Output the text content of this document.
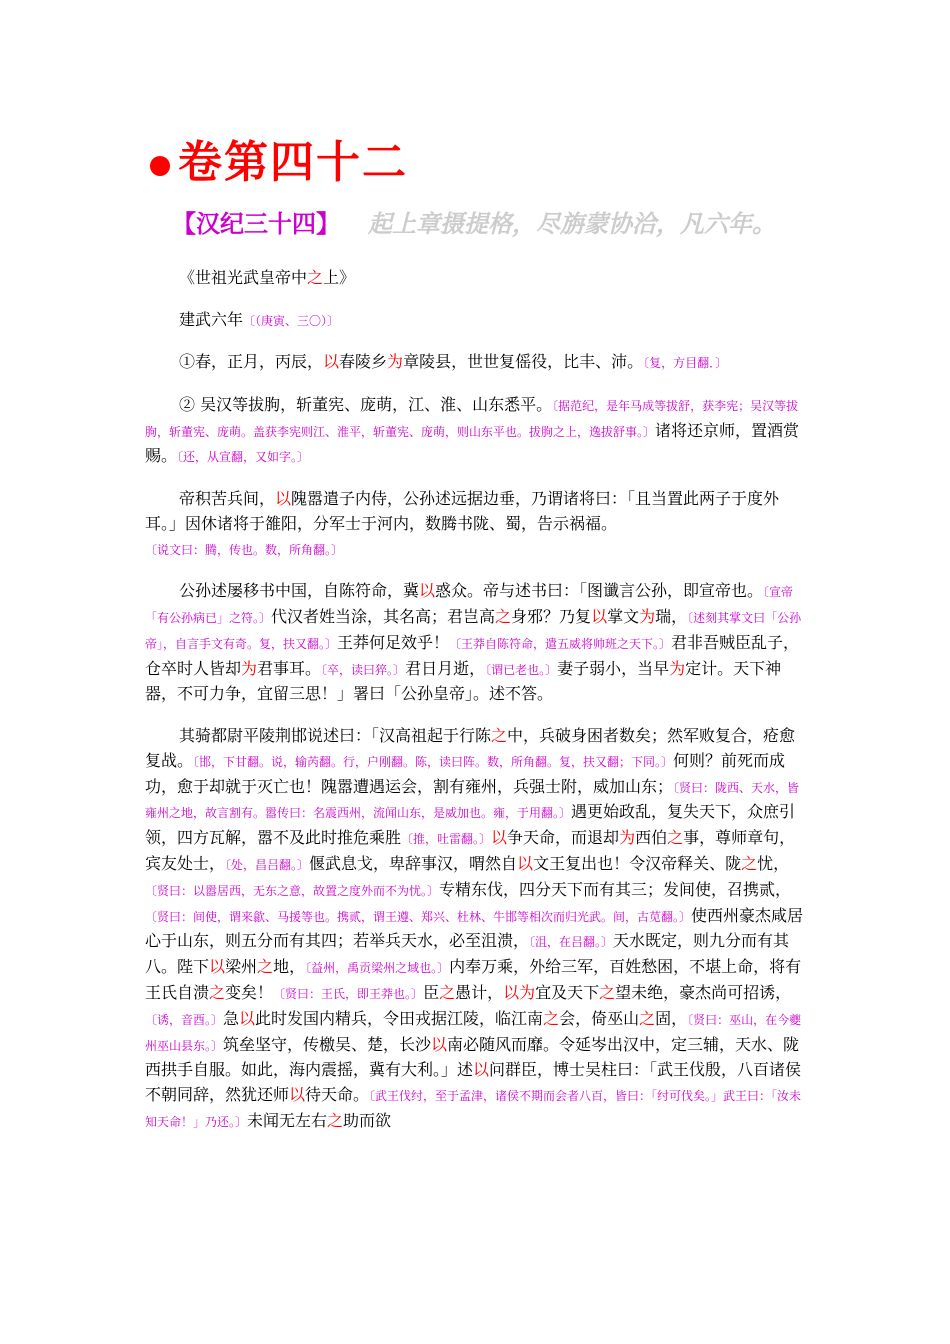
卷第四十二
【汉纪三十四】 起上章摄提格，尽旃蒙协洽，凡六年。

《世祖光武皇帝中之上》

建武六年〔（庚寅、三〇）〕

①春，正月，丙辰，以春陵乡为章陵县，世世复傜役，比丰、沛。〔复，方目翻．〕

② 吴汉等拔朐，斩董宪、庞萌，江、淮、山东悉平。〔据范纪，是年马成等拔舒，获李宪；吴汉等拔朐，斩董宪、庞萌。盖获李宪则江、淮平，斩董宪、庞萌，则山东平也。拔朐之上，逸拔舒事。〕诸将还京师，置酒赏赐。〔还，从宣翻，又如字。〕

帝积苦兵间，以隗嚣遣子内侍，公孙述远据边垂，乃谓诸将曰：「且当置此两子于度外耳。」因休诸将于雒阳，分军士于河内，数腾书陇、蜀，告示祸福。〔说文曰：腾，传也。数，所角翻。〕

公孙述屡移书中国，自陈符命，冀以惑众。帝与述书曰：「图谶言公孙，即宣帝也。〔宣帝「有公孙病已」之符。〕代汉者姓当涂，其名高；君岂高之身邪？乃复以掌文为瑞，〔述刻其掌文曰「公孙帝」，自言手文有奇。复，扶又翻。〕王莽何足效乎！〔王莽自陈符命，遣五威将帅班之天下。〕君非吾贼臣乱子，仓卒时人皆却为君事耳。〔卒，读曰猝。〕君日月逝，〔谓已老也。〕妻子弱小，当早为定计。天下神器，不可力争，宜留三思！」署曰「公孙皇帝」。述不答。

其骑都尉平陵荆邯说述曰：「汉高祖起于行陈之中，兵破身困者数矣；然军败复合，疮愈复战。〔邯，下甘翻。说，输芮翻。行，户刚翻。陈，读曰阵。数，所角翻。复，扶又翻；下同。〕何则？前死而成功，愈于却就于灭亡也！隗嚣遭遇运会，割有雍州，兵强士附，威加山东；〔贤曰：陇西、天水，皆雍州之地，故言割有。嚣传曰：名震西州，流闻山东，是威加也。雍，于用翻。〕遇更始政乱，复失天下，众庶引领，四方瓦解，嚣不及此时推危乘胜〔推，吐雷翻。〕以争天命，而退却为西伯之事，尊师章句，宾友处士，〔处，昌吕翻。〕偃武息戈，卑辞事汉，喟然自以文王复出也！令汉帝释关、陇之忧，〔贤曰：以嚣居西，无东之意，故置之度外而不为忧。〕专精东伐，四分天下而有其三；发间使，召携贰，〔贤曰：间使，谓来歙、马援等也。携贰，谓王遵、郑兴、杜林、牛邯等相次而归光武。间，古苋翻。〕使西州豪杰咸居心于山东，则五分而有其四；若举兵天水，必至沮溃，〔沮，在吕翻。〕天水既定，则九分而有其八。陛下以梁州之地，〔益州，禹贡梁州之域也。〕内奉万乘，外给三军，百姓愁困，不堪上命，将有王氏自溃之变矣！〔贤曰：王氏，即王莽也。〕臣之愚计，以为宜及天下之望未绝，豪杰尚可招诱，〔诱，音酉。〕急以此时发国内精兵，令田戎据江陵，临江南之会，倚巫山之固，〔贤曰：巫山，在今夔州巫山县东。〕筑垒坚守，传檄吴、楚，长沙以南必随风而靡。令延岑出汉中，定三辅，天水、陇西拱手自服。如此，海内震摇，冀有大利。」述以问群臣，博士吴柱曰：「武王伐殷，八百诸侯不朝同辞，然犹还师以待天命。〔武王伐纣，至于孟津，诸侯不期而会者八百，皆曰：「纣可伐矣。」武王曰：「汝未知天命！」乃还。〕未闻无左右之助而欲
